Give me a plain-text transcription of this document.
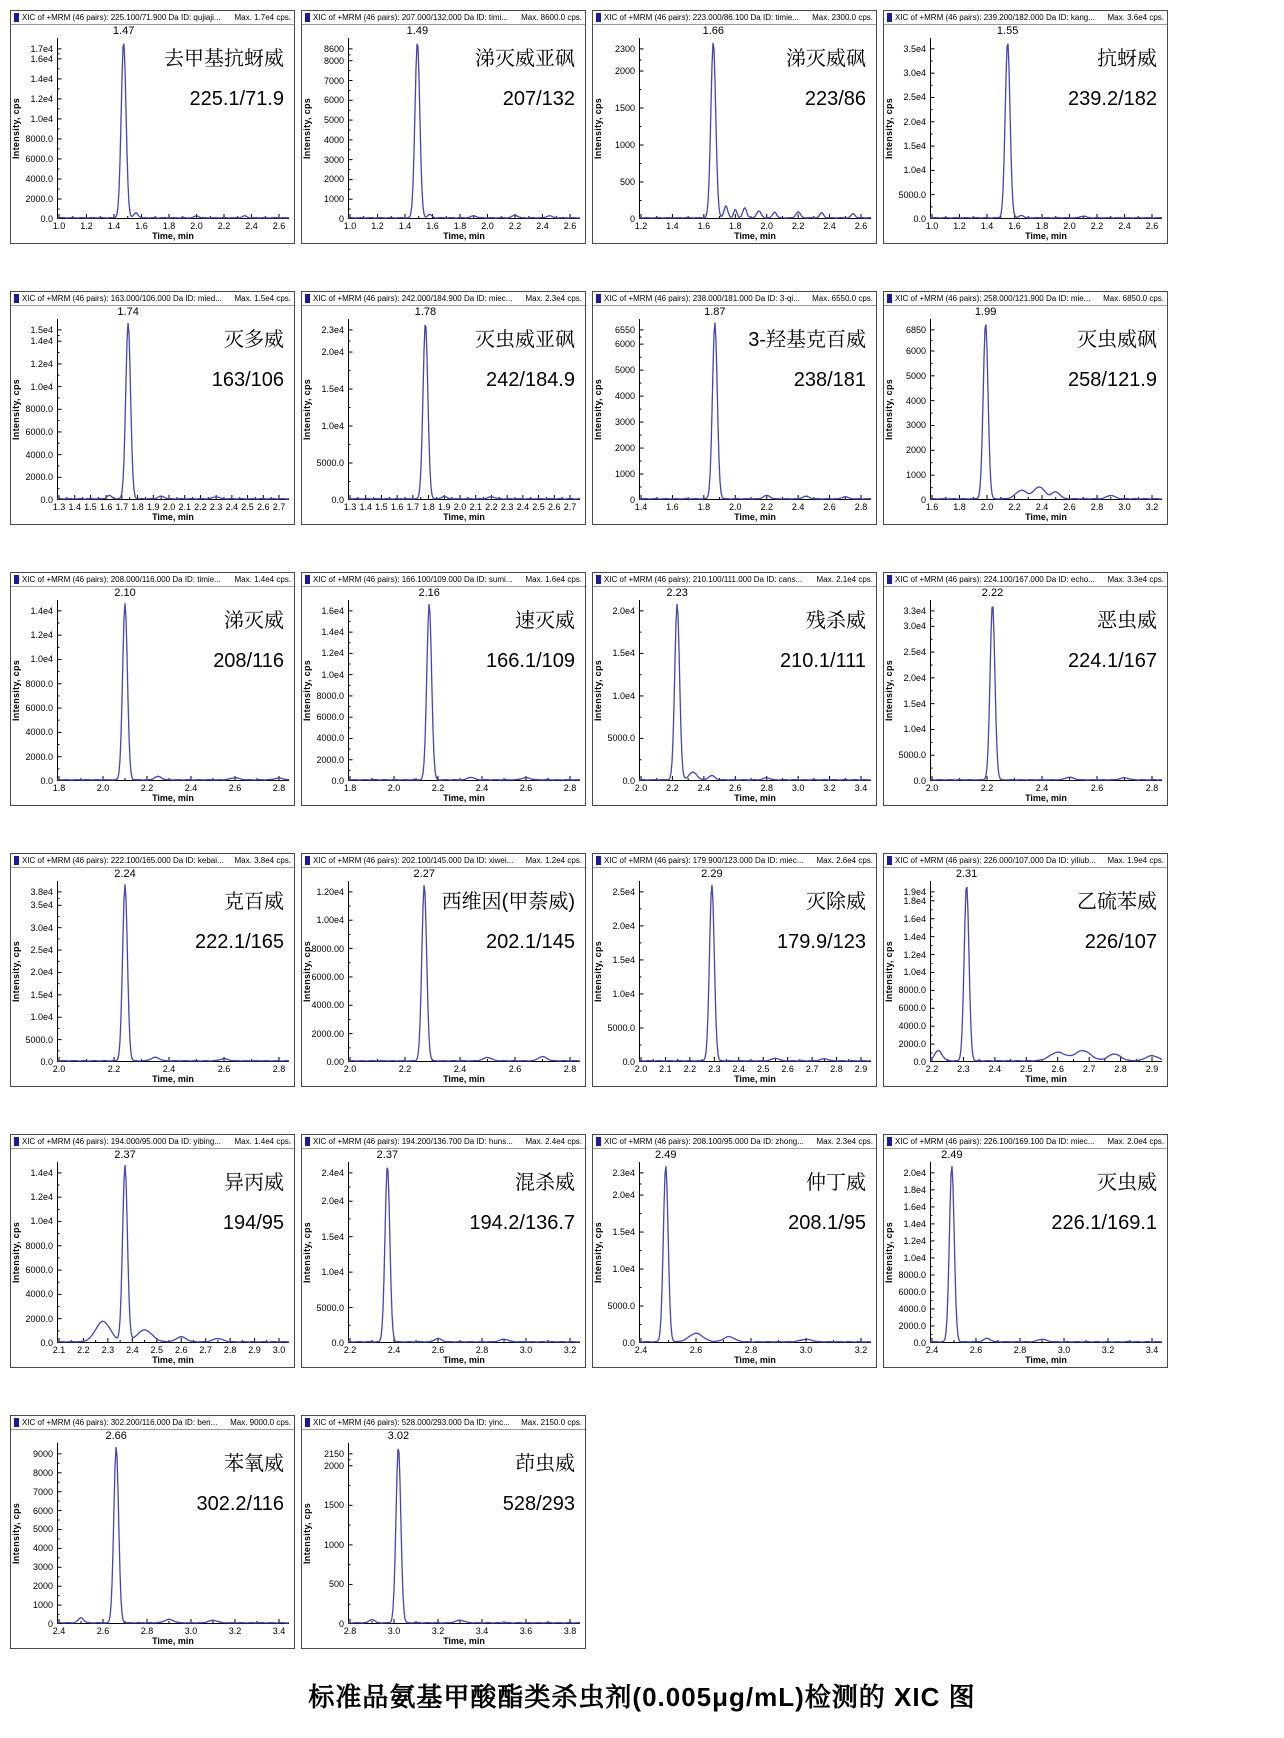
XIC of +MRM (46 pairs): 225.100/71.900 Da ID: qujiaji...	Max. 1.7e4 cps.
Intensity, cps
1.7e4
1.6e4
1.4e4
1.2e4
1.0e4
8000.0
6000.0
4000.0
2000.0
0.0
1.47
去甲基抗蚜威
225.1/71.9
1.0 1.2 1.4 1.6 1.8 2.0 2.2 2.4 2.6
Time, min
XIC of +MRM (46 pairs): 207.000/132.000 Da ID: timi...	Max. 8600.0 cps.
Intensity, cps
8600
8000
7000
6000
5000
4000
3000
2000
1000
0
1.49
涕灭威亚砜
207/132
1.0 1.2 1.4 1.6 1.8 2.0 2.2 2.4 2.6
Time, min
XIC of +MRM (46 pairs): 223.000/86.100 Da ID: timie...	Max. 2300.0 cps.
Intensity, cps
2300
2000
1500
1000
500
0
1.66
涕灭威砜
223/86
1.2 1.4 1.6 1.8 2.0 2.2 2.4 2.6
Time, min
XIC of +MRM (46 pairs): 239.200/182.000 Da ID: kang...	Max. 3.6e4 cps.
Intensity, cps
3.5e4
3.0e4
2.5e4
2.0e4
1.5e4
1.0e4
5000.0
0.0
1.55
抗蚜威
239.2/182
1.0 1.2 1.4 1.6 1.8 2.0 2.2 2.4 2.6
Time, min
XIC of +MRM (46 pairs): 163.000/106.000 Da ID: mied...	Max. 1.5e4 cps.
Intensity, cps
1.5e4
1.4e4
1.2e4
1.0e4
8000.0
6000.0
4000.0
2000.0
0.0
1.74
灭多威
163/106
1.3 1.4 1.5 1.6 1.7 1.8 1.9 2.0 2.1 2.2 2.3 2.4 2.5 2.6 2.7
Time, min
XIC of +MRM (46 pairs): 242.000/184.900 Da ID: miec...	Max. 2.3e4 cps.
Intensity, cps
2.3e4
2.0e4
1.5e4
1.0e4
5000.0
0.0
1.78
灭虫威亚砜
242/184.9
1.3 1.4 1.5 1.6 1.7 1.8 1.9 2.0 2.1 2.2 2.3 2.4 2.5 2.6 2.7
Time, min
XIC of +MRM (46 pairs): 238.000/181.000 Da ID: 3-qi...	Max. 6550.0 cps.
Intensity, cps
6550
6000
5000
4000
3000
2000
1000
0
1.87
3-羟基克百威
238/181
1.4 1.6 1.8 2.0 2.2 2.4 2.6 2.8
Time, min
XIC of +MRM (46 pairs): 258.000/121.900 Da ID: mie...	Max. 6850.0 cps.
Intensity, cps
6850
6000
5000
4000
3000
2000
1000
0
1.99
灭虫威砜
258/121.9
1.6 1.8 2.0 2.2 2.4 2.6 2.8 3.0 3.2
Time, min
XIC of +MRM (46 pairs): 208.000/116.000 Da ID: timie...	Max. 1.4e4 cps.
Intensity, cps
1.4e4
1.2e4
1.0e4
8000.0
6000.0
4000.0
2000.0
0.0
2.10
涕灭威
208/116
1.8	2.0	2.2	2.4	2.6	2.8
Time, min
XIC of +MRM (46 pairs): 166.100/109.000 Da ID: sumi...	Max. 1.6e4 cps.
Intensity, cps
1.6e4
1.4e4
1.2e4
1.0e4
8000.0
6000.0
4000.0
2000.0
0.0
2.16
速灭威
166.1/109
1.8	2.0	2.2	2.4	2.6	2.8
Time, min
XIC of +MRM (46 pairs): 210.100/111.000 Da ID: cans...	Max. 2.1e4 cps.
Intensity, cps
2.0e4
1.5e4
1.0e4
5000.0
0.0
2.23
残杀威
210.1/111
2.0 2.2 2.4 2.6 2.8 3.0 3.2 3.4
Time, min
XIC of +MRM (46 pairs): 224.100/167.000 Da ID: echo...	Max. 3.3e4 cps.
Intensity, cps
3.3e4
3.0e4
2.5e4
2.0e4
1.5e4
1.0e4
5000.0
0.0
2.22
恶虫威
224.1/167
2.0	2.2	2.4	2.6	2.8
Time, min
XIC of +MRM (46 pairs): 222.100/165.000 Da ID: kebai...	Max. 3.8e4 cps.
Intensity, cps
3.8e4
3.5e4
3.0e4
2.5e4
2.0e4
1.5e4
1.0e4
5000.0
0.0
2.24
克百威
222.1/165
2.0	2.2	2.4	2.6	2.8
Time, min
XIC of +MRM (46 pairs): 202.100/145.000 Da ID: xiwei...	Max. 1.2e4 cps.
Intensity, cps
1.20e4
1.00e4
8000.00
6000.00
4000.00
2000.00
0.00
2.27
西维因(甲萘威)
202.1/145
2.0	2.2	2.4	2.6	2.8
Time, min
XIC of +MRM (46 pairs): 179.900/123.000 Da ID: miec...	Max. 2.6e4 cps.
Intensity, cps
2.5e4
2.0e4
1.5e4
1.0e4
5000.0
0.0
2.29
灭除威
179.9/123
2.0 2.1 2.2 2.3 2.4 2.5 2.6 2.7 2.8 2.9
Time, min
XIC of +MRM (46 pairs): 226.000/107.000 Da ID: yiliub...	Max. 1.9e4 cps.
Intensity, cps
1.9e4
1.8e4
1.6e4
1.4e4
1.2e4
1.0e4
8000.0
6000.0
4000.0
2000.0
0.0
2.31
乙硫苯威
226/107
2.2 2.3 2.4 2.5 2.6 2.7 2.8 2.9
Time, min
XIC of +MRM (46 pairs): 194.000/95.000 Da ID: yibing...	Max. 1.4e4 cps.
Intensity, cps
1.4e4
1.2e4
1.0e4
8000.0
6000.0
4000.0
2000.0
0.0
2.37
异丙威
194/95
2.1 2.2 2.3 2.4 2.5 2.6 2.7 2.8 2.9 3.0
Time, min
XIC of +MRM (46 pairs): 194.200/136.700 Da ID: huns...	Max. 2.4e4 cps.
Intensity, cps
2.4e4
2.0e4
1.5e4
1.0e4
5000.0
0.0
2.37
混杀威
194.2/136.7
2.2	2.4	2.6	2.8	3.0	3.2
Time, min
XIC of +MRM (46 pairs): 208.100/95.000 Da ID: zhong...	Max. 2.3e4 cps.
Intensity, cps
2.3e4
2.0e4
1.5e4
1.0e4
5000.0
0.0
2.49
仲丁威
208.1/95
2.4	2.6	2.8	3.0	3.2
Time, min
XIC of +MRM (46 pairs): 226.100/169.100 Da ID: miec...	Max. 2.0e4 cps.
Intensity, cps
2.0e4
1.8e4
1.6e4
1.4e4
1.2e4
1.0e4
8000.0
6000.0
4000.0
2000.0
0.0
2.49
灭虫威
226.1/169.1
2.4	2.6	2.8	3.0	3.2	3.4
Time, min
XIC of +MRM (46 pairs): 302.200/116.000 Da ID: ben...	Max. 9000.0 cps.
Intensity, cps
9000
8000
7000
6000
5000
4000
3000
2000
1000
0
2.66
苯氧威
302.2/116
2.4	2.6	2.8	3.0	3.2	3.4
Time, min
XIC of +MRM (46 pairs): 528.000/293.000 Da ID: yinc...	Max. 2150.0 cps.
Intensity, cps
2150
2000
1500
1000
500
0
3.02
茚虫威
528/293
2.8	3.0	3.2	3.4	3.6	3.8
Time, min
标准品氨基甲酸酯类杀虫剂(0.005μg/mL)检测的 XIC 图
